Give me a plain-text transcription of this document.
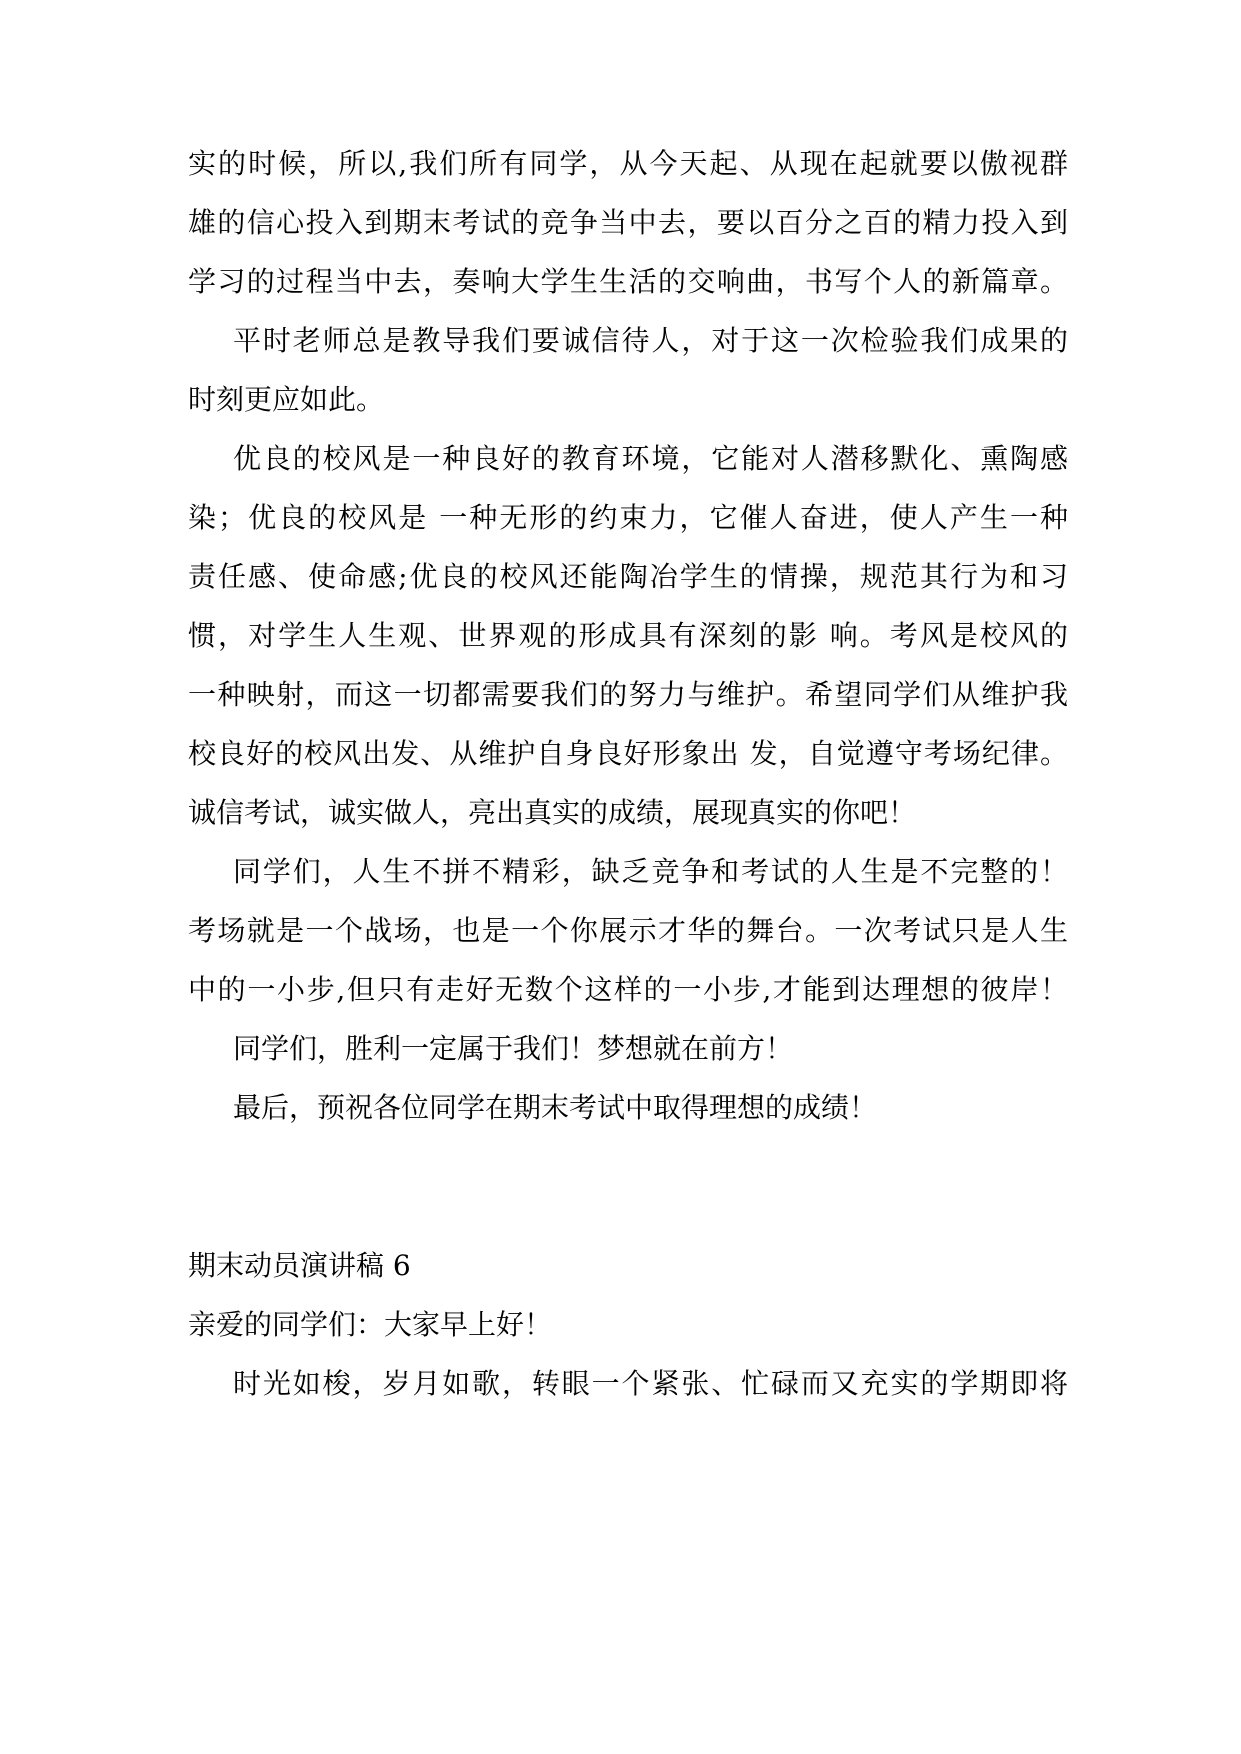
实的时候，所以,我们所有同学，从今天起、从现在起就要以傲视群
雄的信心投入到期末考试的竞争当中去，要以百分之百的精力投入到
学习的过程当中去，奏响大学生生活的交响曲，书写个人的新篇章。
平时老师总是教导我们要诚信待人，对于这一次检验我们成果的
时刻更应如此。
优良的校风是一种良好的教育环境，它能对人潜移默化、熏陶感
染；优良的校风是 一种无形的约束力，它催人奋进，使人产生一种
责任感、使命感;优良的校风还能陶冶学生的情操，规范其行为和习
惯，对学生人生观、世界观的形成具有深刻的影 响。考风是校风的
一种映射，而这一切都需要我们的努力与维护。希望同学们从维护我
校良好的校风出发、从维护自身良好形象出 发，自觉遵守考场纪律。
诚信考试，诚实做人，亮出真实的成绩，展现真实的你吧！
同学们，人生不拼不精彩，缺乏竞争和考试的人生是不完整的！
考场就是一个战场，也是一个你展示才华的舞台。一次考试只是人生
中的一小步,但只有走好无数个这样的一小步,才能到达理想的彼岸！
同学们，胜利一定属于我们！梦想就在前方！
最后，预祝各位同学在期末考试中取得理想的成绩！
期末动员演讲稿 6
亲爱的同学们：大家早上好！
时光如梭，岁月如歌，转眼一个紧张、忙碌而又充实的学期即将
